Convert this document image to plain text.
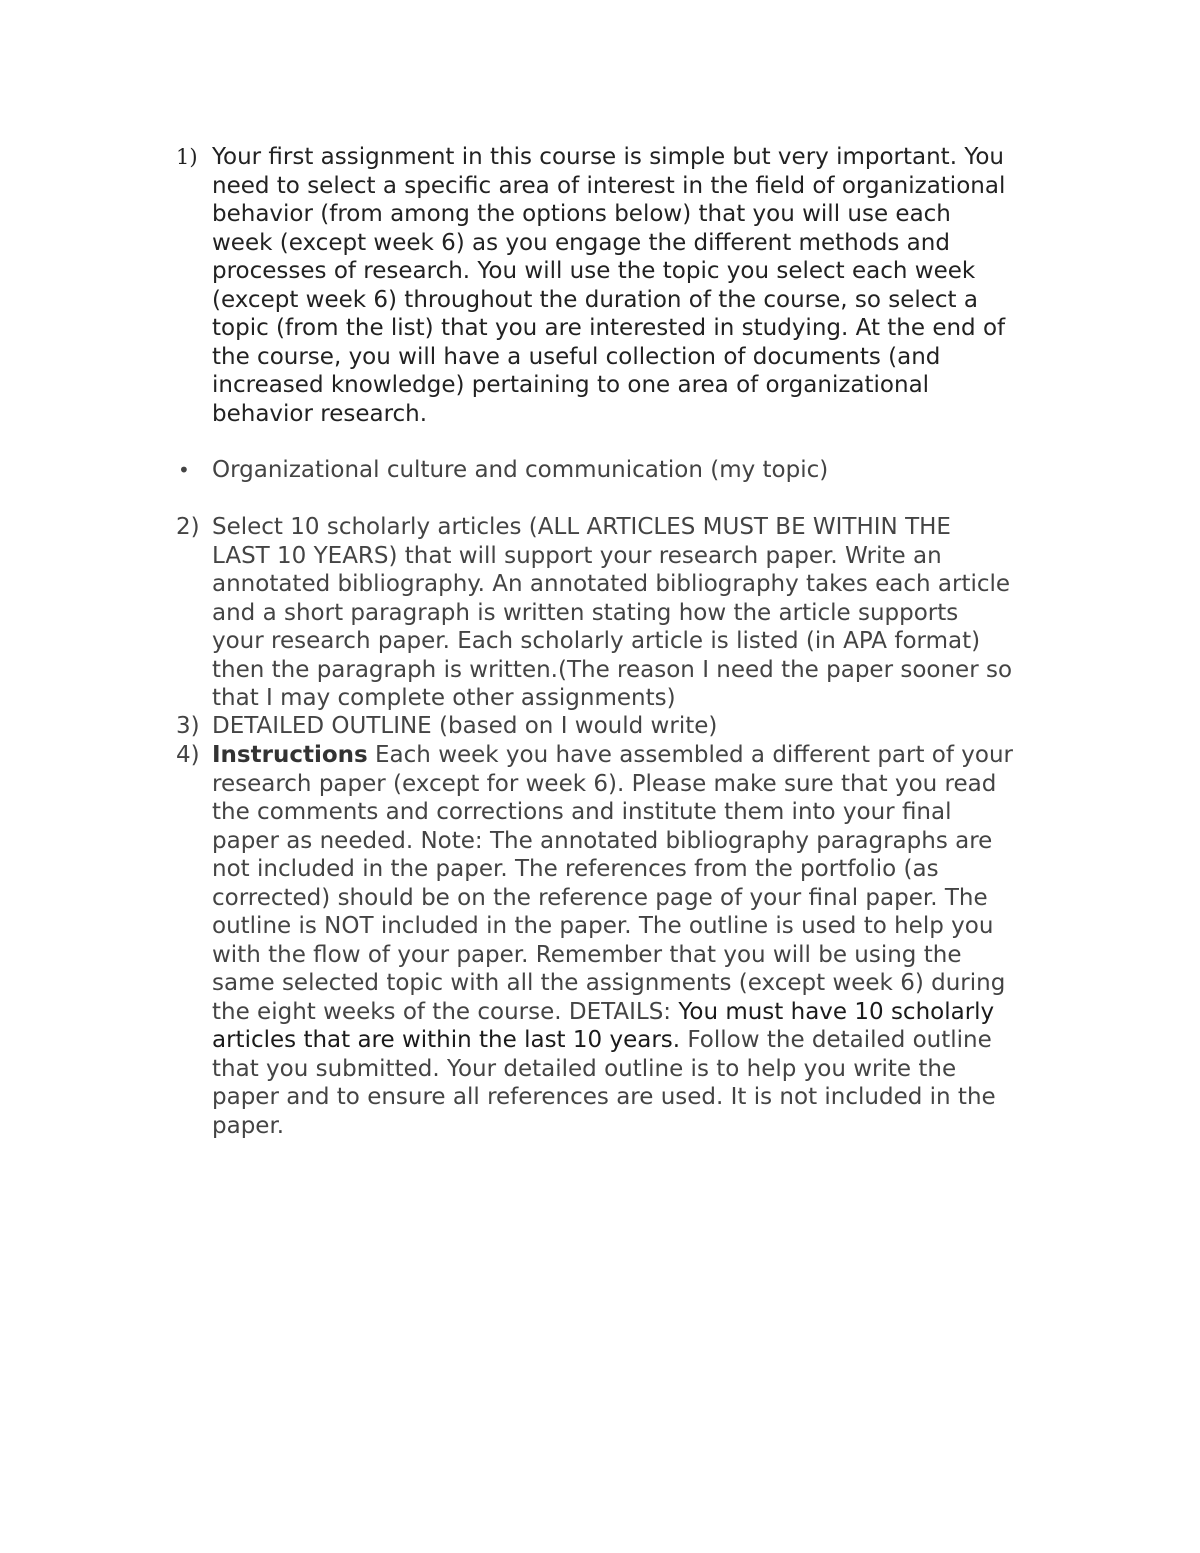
1) Your first assignment in this course is simple but very important. You
need to select a specific area of interest in the field of organizational
behavior (from among the options below) that you will use each
week (except week 6) as you engage the different methods and
processes of research. You will use the topic you select each week
(except week 6) throughout the duration of the course, so select a
topic (from the list) that you are interested in studying. At the end of
the course, you will have a useful collection of documents (and
increased knowledge) pertaining to one area of organizational
behavior research.
• Organizational culture and communication (my topic)
2) Select 10 scholarly articles (ALL ARTICLES MUST BE WITHIN THE
LAST 10 YEARS) that will support your research paper. Write an
annotated bibliography. An annotated bibliography takes each article
and a short paragraph is written stating how the article supports
your research paper. Each scholarly article is listed (in APA format)
then the paragraph is written.(The reason I need the paper sooner so
that I may complete other assignments)
3) DETAILED OUTLINE (based on I would write)
4) Instructions Each week you have assembled a different part of your
research paper (except for week 6). Please make sure that you read
the comments and corrections and institute them into your final
paper as needed. Note: The annotated bibliography paragraphs are
not included in the paper. The references from the portfolio (as
corrected) should be on the reference page of your final paper. The
outline is NOT included in the paper. The outline is used to help you
with the flow of your paper. Remember that you will be using the
same selected topic with all the assignments (except week 6) during
the eight weeks of the course. DETAILS: You must have 10 scholarly
articles that are within the last 10 years. Follow the detailed outline
that you submitted. Your detailed outline is to help you write the
paper and to ensure all references are used. It is not included in the
paper.
